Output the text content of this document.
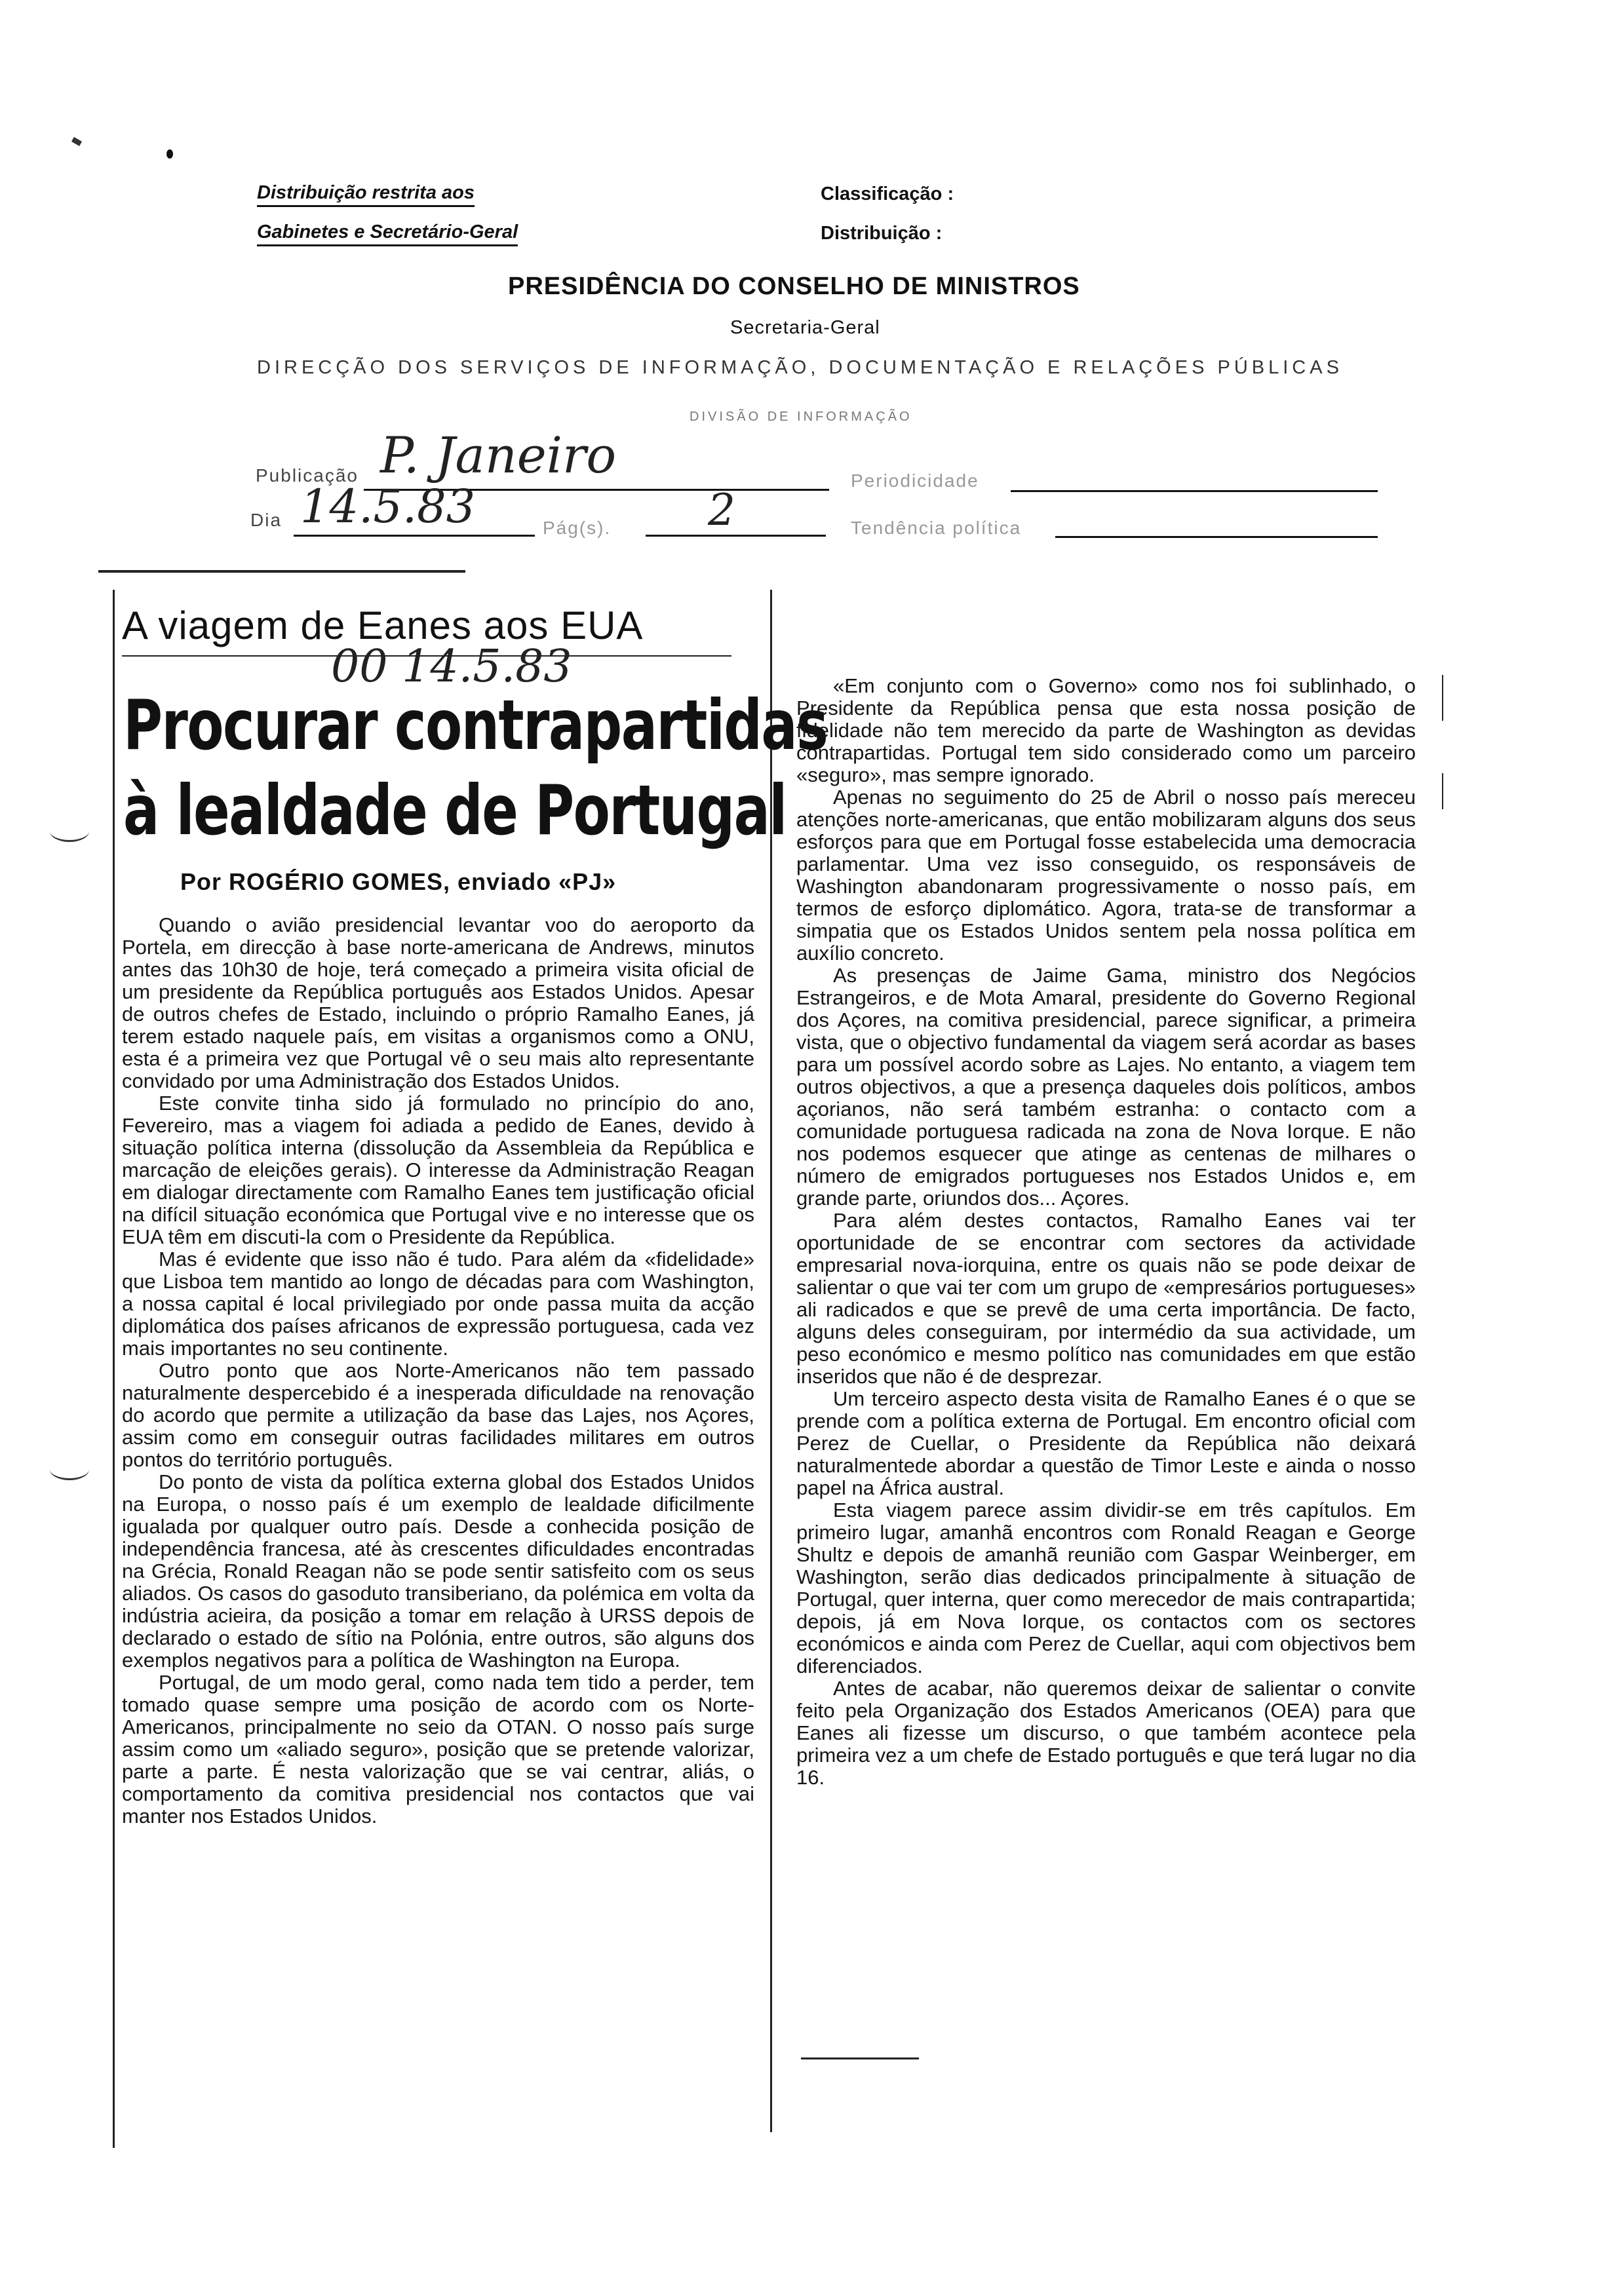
Distribuição restrita aos
Gabinetes e Secretário-Geral
Classificação :
Distribuição :
PRESIDÊNCIA DO CONSELHO DE MINISTROS
Secretaria-Geral
DIRECÇÃO DOS SERVIÇOS DE INFORMAÇÃO, DOCUMENTAÇÃO E RELAÇÕES PÚBLICAS
DIVISÃO DE INFORMAÇÃO
Publicação P. Janeiro	Periodicidade
Dia 14.5.83	Pág(s). 2	Tendência política
A viagem de Eanes aos EUA
00 14.5.83
Procurar contrapartidas
à lealdade de Portugal
Por ROGÉRIO GOMES, enviado «PJ»

Quando o avião presidencial levantar voo do aeroporto da Portela, em direcção à base norte-americana de Andrews, minutos antes das 10h30 de hoje, terá começado a primeira visita oficial de um presidente da República português aos Estados Unidos. Apesar de outros chefes de Estado, incluindo o próprio Ramalho Eanes, já terem estado naquele país, em visitas a organismos como a ONU, esta é a primeira vez que Portugal vê o seu mais alto representante convidado por uma Administração dos Estados Unidos.

Este convite tinha sido já formulado no princípio do ano, Fevereiro, mas a viagem foi adiada a pedido de Eanes, devido à situação política interna (dissolução da Assembleia da República e marcação de eleições gerais). O interesse da Administração Reagan em dialogar directamente com Ramalho Eanes tem justificação oficial na difícil situação económica que Portugal vive e no interesse que os EUA têm em discuti-la com o Presidente da República.

Mas é evidente que isso não é tudo. Para além da «fidelidade» que Lisboa tem mantido ao longo de décadas para com Washington, a nossa capital é local privilegiado por onde passa muita da acção diplomática dos países africanos de expressão portuguesa, cada vez mais importantes no seu continente.

Outro ponto que aos Norte-Americanos não tem passado naturalmente despercebido é a inesperada dificuldade na renovação do acordo que permite a utilização da base das Lajes, nos Açores, assim como em conseguir outras facilidades militares em outros pontos do território português.

Do ponto de vista da política externa global dos Estados Unidos na Europa, o nosso país é um exemplo de lealdade dificilmente igualada por qualquer outro país. Desde a conhecida posição de independência francesa, até às crescentes dificuldades encontradas na Grécia, Ronald Reagan não se pode sentir satisfeito com os seus aliados. Os casos do gasoduto transiberiano, da polémica em volta da indústria acieira, da posição a tomar em relação à URSS depois de declarado o estado de sítio na Polónia, entre outros, são alguns dos exemplos negativos para a política de Washington na Europa.

Portugal, de um modo geral, como nada tem tido a perder, tem tomado quase sempre uma posição de acordo com os Norte-Americanos, principalmente no seio da OTAN. O nosso país surge assim como um «aliado seguro», posição que se pretende valorizar, parte a parte. É nesta valorização que se vai centrar, aliás, o comportamento da comitiva presidencial nos contactos que vai manter nos Estados Unidos.

«Em conjunto com o Governo» como nos foi sublinhado, o Presidente da República pensa que esta nossa posição de fidelidade não tem merecido da parte de Washington as devidas contrapartidas. Portugal tem sido considerado como um parceiro «seguro», mas sempre ignorado.

Apenas no seguimento do 25 de Abril o nosso país mereceu atenções norte-americanas, que então mobilizaram alguns dos seus esforços para que em Portugal fosse estabelecida uma democracia parlamentar. Uma vez isso conseguido, os responsáveis de Washington abandonaram progressivamente o nosso país, em termos de esforço diplomático. Agora, trata-se de transformar a simpatia que os Estados Unidos sentem pela nossa política em auxílio concreto.

As presenças de Jaime Gama, ministro dos Negócios Estrangeiros, e de Mota Amaral, presidente do Governo Regional dos Açores, na comitiva presidencial, parece significar, a primeira vista, que o objectivo fundamental da viagem será acordar as bases para um possível acordo sobre as Lajes. No entanto, a viagem tem outros objectivos, a que a presença daqueles dois políticos, ambos açorianos, não será também estranha: o contacto com a comunidade portuguesa radicada na zona de Nova Iorque. E não nos podemos esquecer que atinge as centenas de milhares o número de emigrados portugueses nos Estados Unidos e, em grande parte, oriundos dos... Açores.

Para além destes contactos, Ramalho Eanes vai ter oportunidade de se encontrar com sectores da actividade empresarial nova-iorquina, entre os quais não se pode deixar de salientar o que vai ter com um grupo de «empresários portugueses» ali radicados e que se prevê de uma certa importância. De facto, alguns deles conseguiram, por intermédio da sua actividade, um peso económico e mesmo político nas comunidades em que estão inseridos que não é de desprezar.

Um terceiro aspecto desta visita de Ramalho Eanes é o que se prende com a política externa de Portugal. Em encontro oficial com Perez de Cuellar, o Presidente da República não deixará naturalmentede abordar a questão de Timor Leste e ainda o nosso papel na África austral.

Esta viagem parece assim dividir-se em três capítulos. Em primeiro lugar, amanhã encontros com Ronald Reagan e George Shultz e depois de amanhã reunião com Gaspar Weinberger, em Washington, serão dias dedicados principalmente à situação de Portugal, quer interna, quer como merecedor de mais contrapartida; depois, já em Nova Iorque, os contactos com os sectores económicos e ainda com Perez de Cuellar, aqui com objectivos bem diferenciados.

Antes de acabar, não queremos deixar de salientar o convite feito pela Organização dos Estados Americanos (OEA) para que Eanes ali fizesse um discurso, o que também acontece pela primeira vez a um chefe de Estado português e que terá lugar no dia 16.
